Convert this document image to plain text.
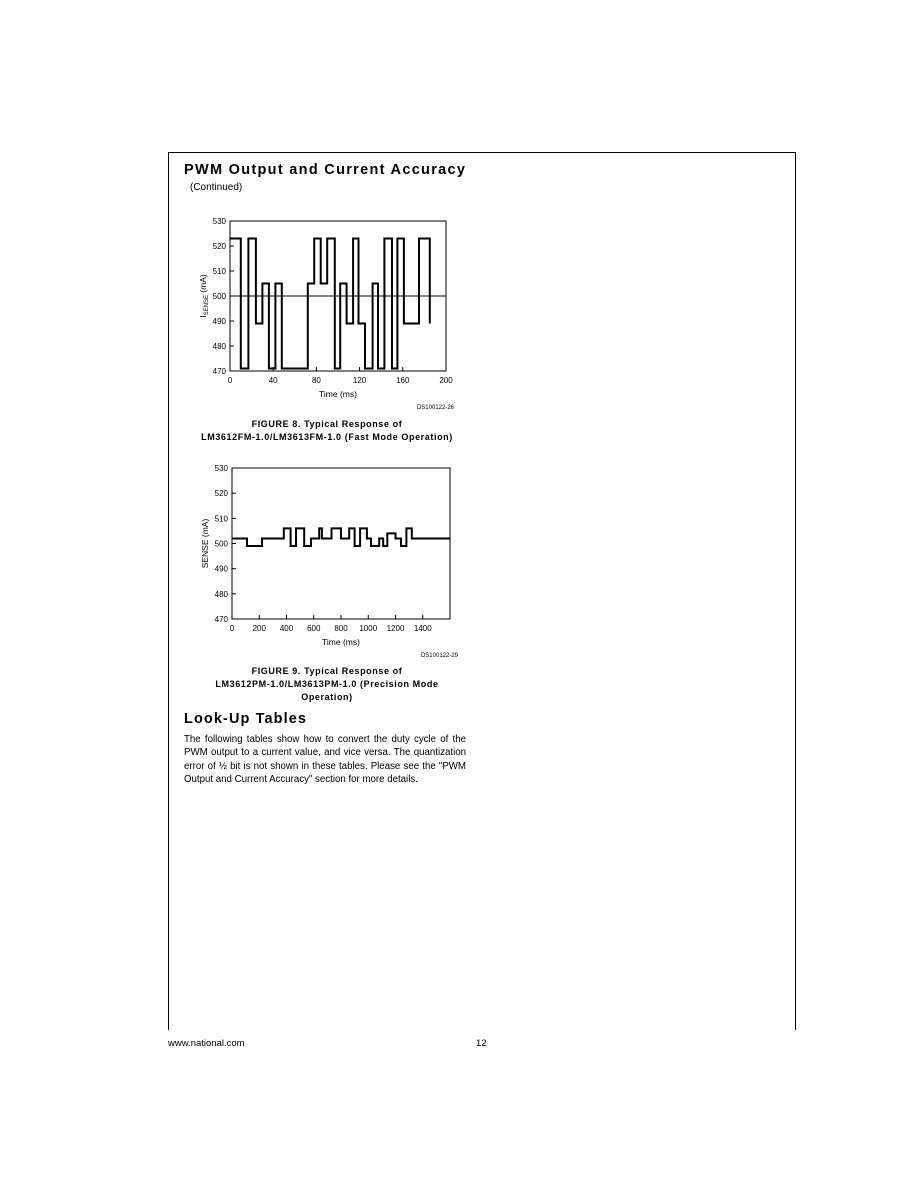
PWM Output and Current Accuracy
(Continued)
530
520
510
500
490
480
470
0	40	80	120	160	200
Time (ms)
DS100122-26
$I_{SENSE}$ (mA)
FIGURE 8. Typical Response of
LM3612FM-1.0/LM3613FM-1.0 (Fast Mode Operation)
530
520
510
500
490
480
470
0 200 400 600 800 1000 1200 1400
Time (ms)
DS100122-29
SENSE (mA)
FIGURE 9. Typical Response of
LM3612PM-1.0/LM3613PM-1.0 (Precision Mode
Operation)
Look-Up Tables
The following tables show how to convert the duty cycle of the PWM output to a current value, and vice versa. The quantization error of ½ bit is not shown in these tables. Please see the "PWM Output and Current Accuracy" section for more details.
www.national.com	12
